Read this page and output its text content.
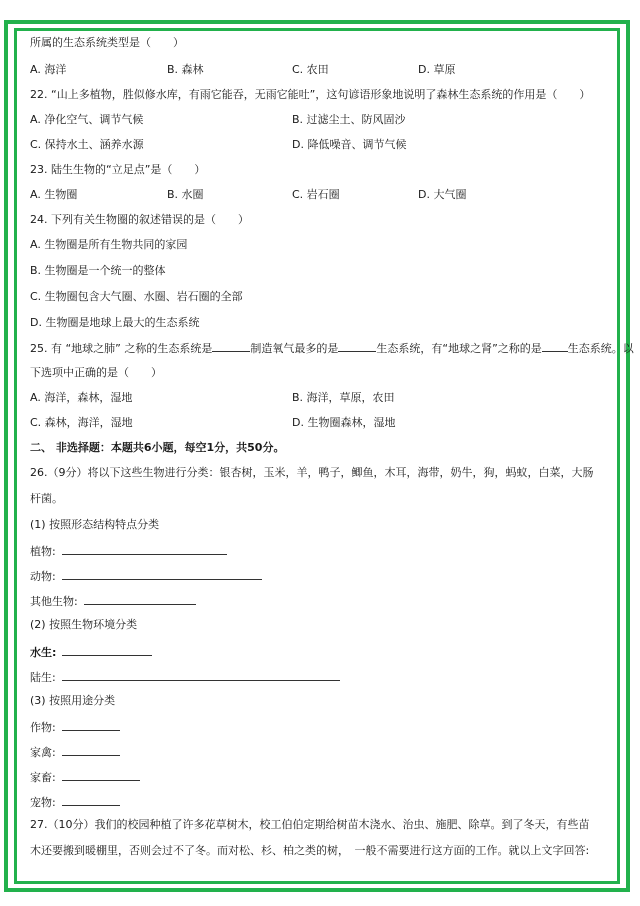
所属的生态系统类型是（　　）
A. 海洋	B. 森林	C. 农田	D. 草原
22. “山上多植物，胜似修水库，有雨它能吞，无雨它能吐”，这句谚语形象地说明了森林生态系统的作用是（　　）
A. 净化空气、调节气候	B. 过滤尘土、防风固沙
C. 保持水土、涵养水源	D. 降低噪音、调节气候
23. 陆生生物的“立足点”是（　　）
A. 生物圈	B. 水圈	C. 岩石圈	D. 大气圈
24. 下列有关生物圈的叙述错误的是（　　）
A. 生物圈是所有生物共同的家园
B. 生物圈是一个统一的整体
C. 生物圈包含大气圈、水圈、岩石圈的全部
D. 生物圈是地球上最大的生态系统
25. 有 “地球之肺” 之称的生态系统是	制造氧气最多的是	生态系统，有“地球之肾”之称的是 生态系统。以
下选项中正确的是（　　）
A. 海洋，森林，湿地	B. 海洋，草原，农田
C. 森林，海洋，湿地	D. 生物圈森林，湿地
二、 非选择题：本题共6小题，每空1分，共50分。
26.（9分）将以下这些生物进行分类：银杏树，玉米，羊，鸭子，鲫鱼，木耳，海带，奶牛，狗，蚂蚁，白菜，大肠
杆菌。
(1) 按照形态结构特点分类
植物:
动物:
其他生物:
(2) 按照生物环境分类
水生:
陆生:
(3) 按照用途分类
作物:
家禽:
家畜:
宠物:
27.（10分）我们的校园种植了许多花草树木，校工伯伯定期给树苗木浇水、治虫、施肥、除草。到了冬天，有些苗
木还要搬到暖棚里，否则会过不了冬。而对松、杉、柏之类的树，　一般不需要进行这方面的工作。就以上文字回答:
